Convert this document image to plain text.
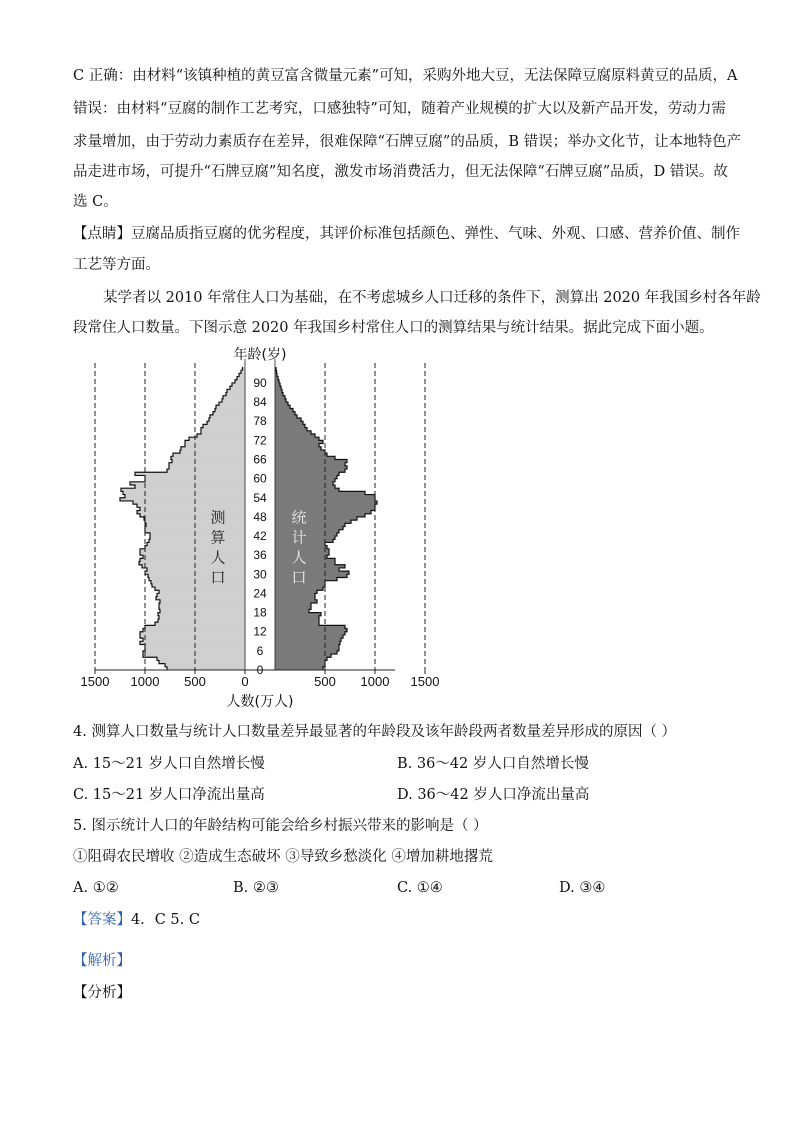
C 正确：由材料“该镇种植的黄豆富含微量元素”可知，采购外地大豆，无法保障豆腐原料黄豆的品质，A
错误：由材料“豆腐的制作工艺考究，口感独特”可知，随着产业规模的扩大以及新产品开发，劳动力需
求量增加，由于劳动力素质存在差异，很难保障“石牌豆腐”的品质，B 错误；举办文化节，让本地特色产
品走进市场，可提升“石牌豆腐”知名度，激发市场消费活力，但无法保障“石牌豆腐”品质，D 错误。故
选 C。
【点睛】豆腐品质指豆腐的优劣程度，其评价标准包括颜色、弹性、气味、外观、口感、营养价值、制作
工艺等方面。
某学者以 2010 年常住人口为基础，在不考虑城乡人口迁移的条件下，测算出 2020 年我国乡村各年龄
段常住人口数量。下图示意 2020 年我国乡村常住人口的测算结果与统计结果。据此完成下面小题。
1500 1000 500	0	500 1000 1500
0
6
12
18
24
30
36
42
48
54
60
66
72
78
84
90
年龄(岁)
人数(万人)
测
算
人
口
统
计
人
口
4. 测算人口数量与统计人口数量差异最显著的年龄段及该年龄段两者数量差异形成的原因（ ）
A. 15～21 岁人口自然增长慢	B. 36～42 岁人口自然增长慢
C. 15～21 岁人口净流出量高	D. 36～42 岁人口净流出量高
5. 图示统计人口的年龄结构可能会给乡村振兴带来的影响是（ ）
①阻碍农民增收 ②造成生态破坏 ③导致乡愁淡化 ④增加耕地撂荒
A. ①②	B. ②③	C. ①④	D. ③④
【答案】4．C 5. C
【解析】
【分析】
